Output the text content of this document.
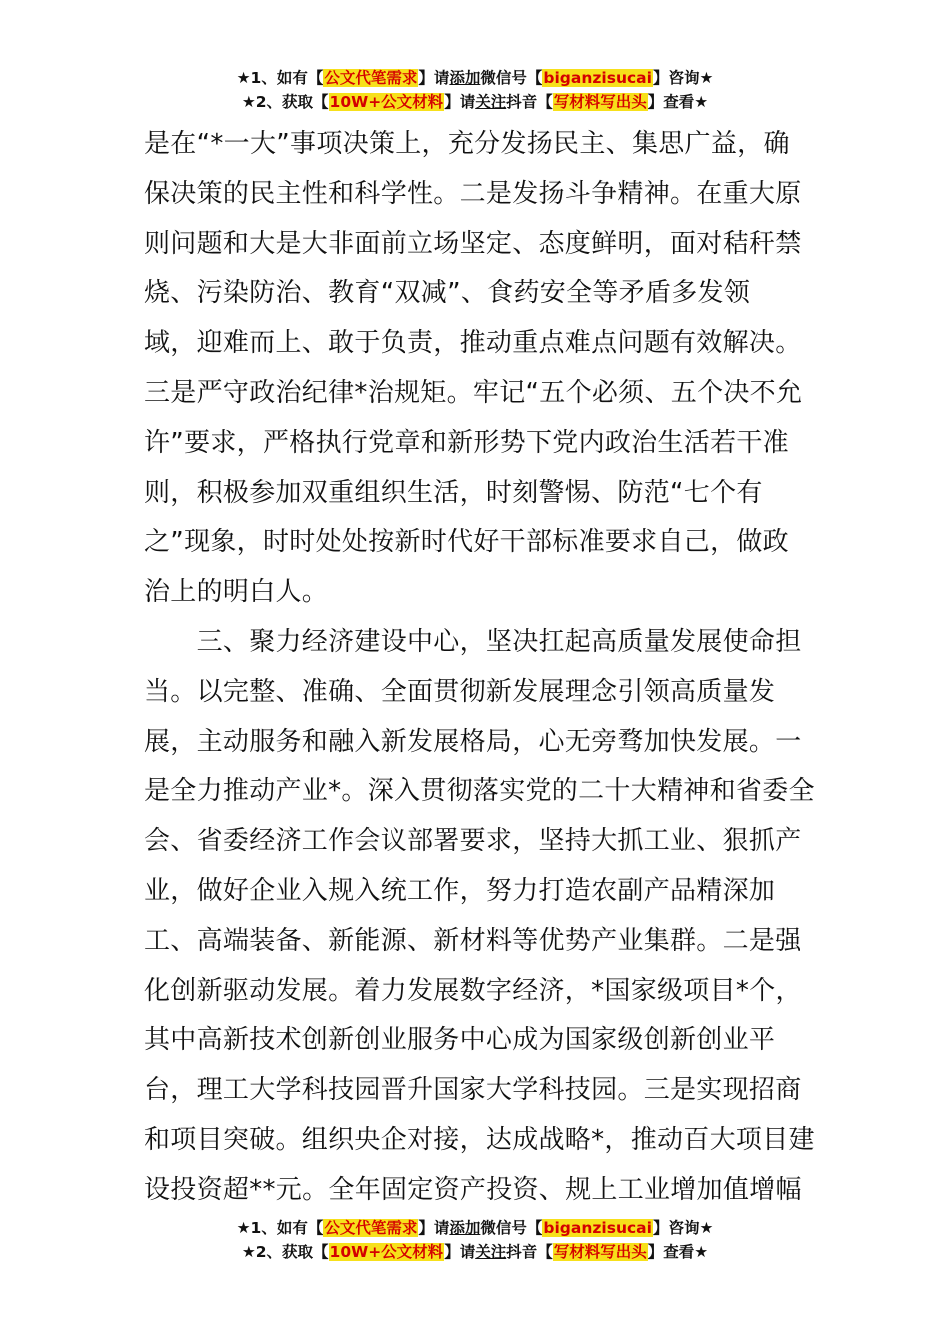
★1、如有【公文代笔需求】请添加微信号【biganzisucai】咨询★
★2、获取【10W+公文材料】请关注抖音【写材料写出头】查看★

是在“*一大”事项决策上，充分发扬民主、集思广益，确

保决策的民主性和科学性。二是发扬斗争精神。在重大原

则问题和大是大非面前立场坚定、态度鲜明，面对秸秆禁

烧、污染防治、教育“双减”、食药安全等矛盾多发领

域，迎难而上、敢于负责，推动重点难点问题有效解决。

三是严守政治纪律*治规矩。牢记“五个必须、五个决不允

许”要求，严格执行党章和新形势下党内政治生活若干准

则，积极参加双重组织生活，时刻警惕、防范“七个有

之”现象，时时处处按新时代好干部标准要求自己，做政

治上的明白人。

　　三、聚力经济建设中心，坚决扛起高质量发展使命担

当。以完整、准确、全面贯彻新发展理念引领高质量发

展，主动服务和融入新发展格局，心无旁骛加快发展。一

是全力推动产业*。深入贯彻落实党的二十大精神和省委全

会、省委经济工作会议部署要求，坚持大抓工业、狠抓产

业，做好企业入规入统工作，努力打造农副产品精深加

工、高端装备、新能源、新材料等优势产业集群。二是强

化创新驱动发展。着力发展数字经济，*国家级项目*个，

其中高新技术创新创业服务中心成为国家级创新创业平

台，理工大学科技园晋升国家大学科技园。三是实现招商

和项目突破。组织央企对接，达成战略*，推动百大项目建

设投资超**元。全年固定资产投资、规上工业增加值增幅

★1、如有【公文代笔需求】请添加微信号【biganzisucai】咨询★
★2、获取【10W+公文材料】请关注抖音【写材料写出头】查看★
